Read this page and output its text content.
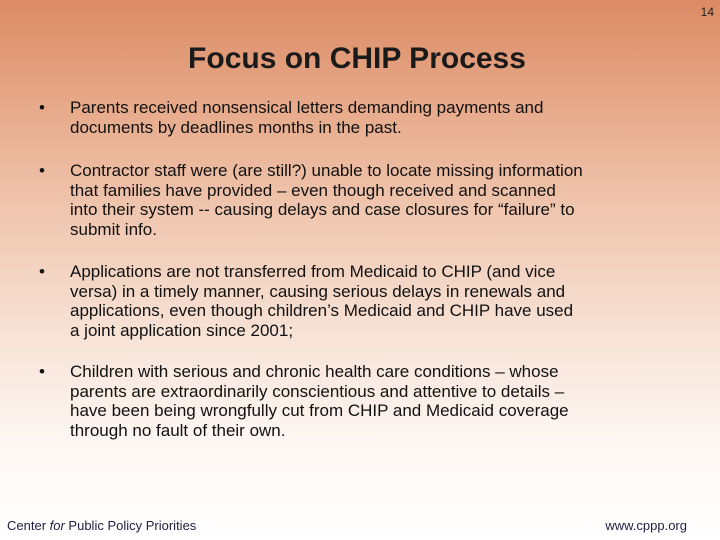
14
Focus on CHIP Process
• Parents received nonsensical letters demanding payments and
documents by deadlines months in the past.
• Contractor staff were (are still?) unable to locate missing information
that families have provided – even though received and scanned
into their system -- causing delays and case closures for “failure” to
submit info.
• Applications are not transferred from Medicaid to CHIP (and vice
versa) in a timely manner, causing serious delays in renewals and
applications, even though children’s Medicaid and CHIP have used
a joint application since 2001;
• Children with serious and chronic health care conditions – whose
parents are extraordinarily conscientious and attentive to details –
have been being wrongfully cut from CHIP and Medicaid coverage
through no fault of their own.
Center for Public Policy Priorities	www.cppp.org
